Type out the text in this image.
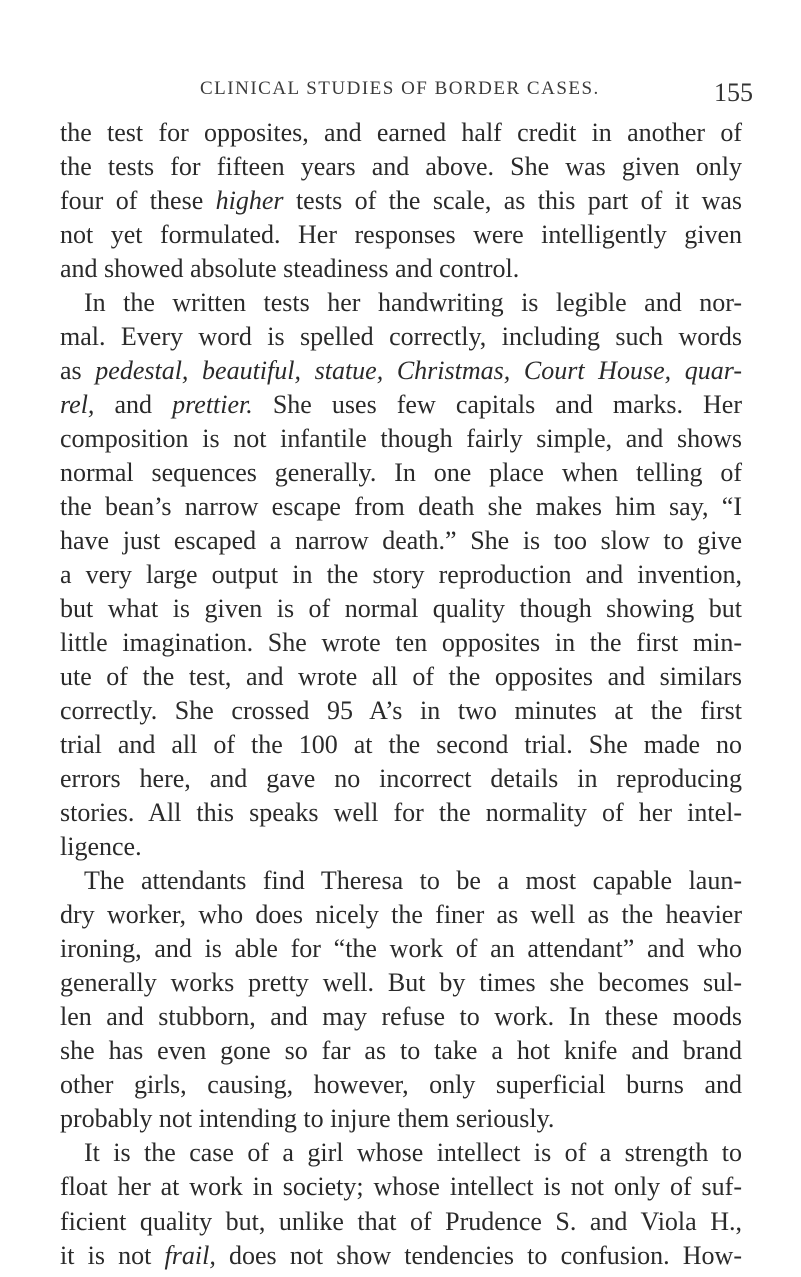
CLINICAL STUDIES OF BORDER CASES.	155
the test for opposites, and earned half credit in another of
the tests for fifteen years and above. She was given only
four of these higher tests of the scale, as this part of it was
not yet formulated. Her responses were intelligently given
and showed absolute steadiness and control.
In the written tests her handwriting is legible and nor-
mal. Every word is spelled correctly, including such words
as pedestal, beautiful, statue, Christmas, Court House, quar-
rel, and prettier. She uses few capitals and marks. Her
composition is not infantile though fairly simple, and shows
normal sequences generally. In one place when telling of
the bean’s narrow escape from death she makes him say, “I
have just escaped a narrow death.” She is too slow to give
a very large output in the story reproduction and invention,
but what is given is of normal quality though showing but
little imagination. She wrote ten opposites in the first min-
ute of the test, and wrote all of the opposites and similars
correctly. She crossed 95 A’s in two minutes at the first
trial and all of the 100 at the second trial. She made no
errors here, and gave no incorrect details in reproducing
stories. All this speaks well for the normality of her intel-
ligence.
The attendants find Theresa to be a most capable laun-
dry worker, who does nicely the finer as well as the heavier
ironing, and is able for “the work of an attendant” and who
generally works pretty well. But by times she becomes sul-
len and stubborn, and may refuse to work. In these moods
she has even gone so far as to take a hot knife and brand
other girls, causing, however, only superficial burns and
probably not intending to injure them seriously.
It is the case of a girl whose intellect is of a strength to
float her at work in society; whose intellect is not only of suf-
ficient quality but, unlike that of Prudence S. and Viola H.,
it is not frail, does not show tendencies to confusion. How-
